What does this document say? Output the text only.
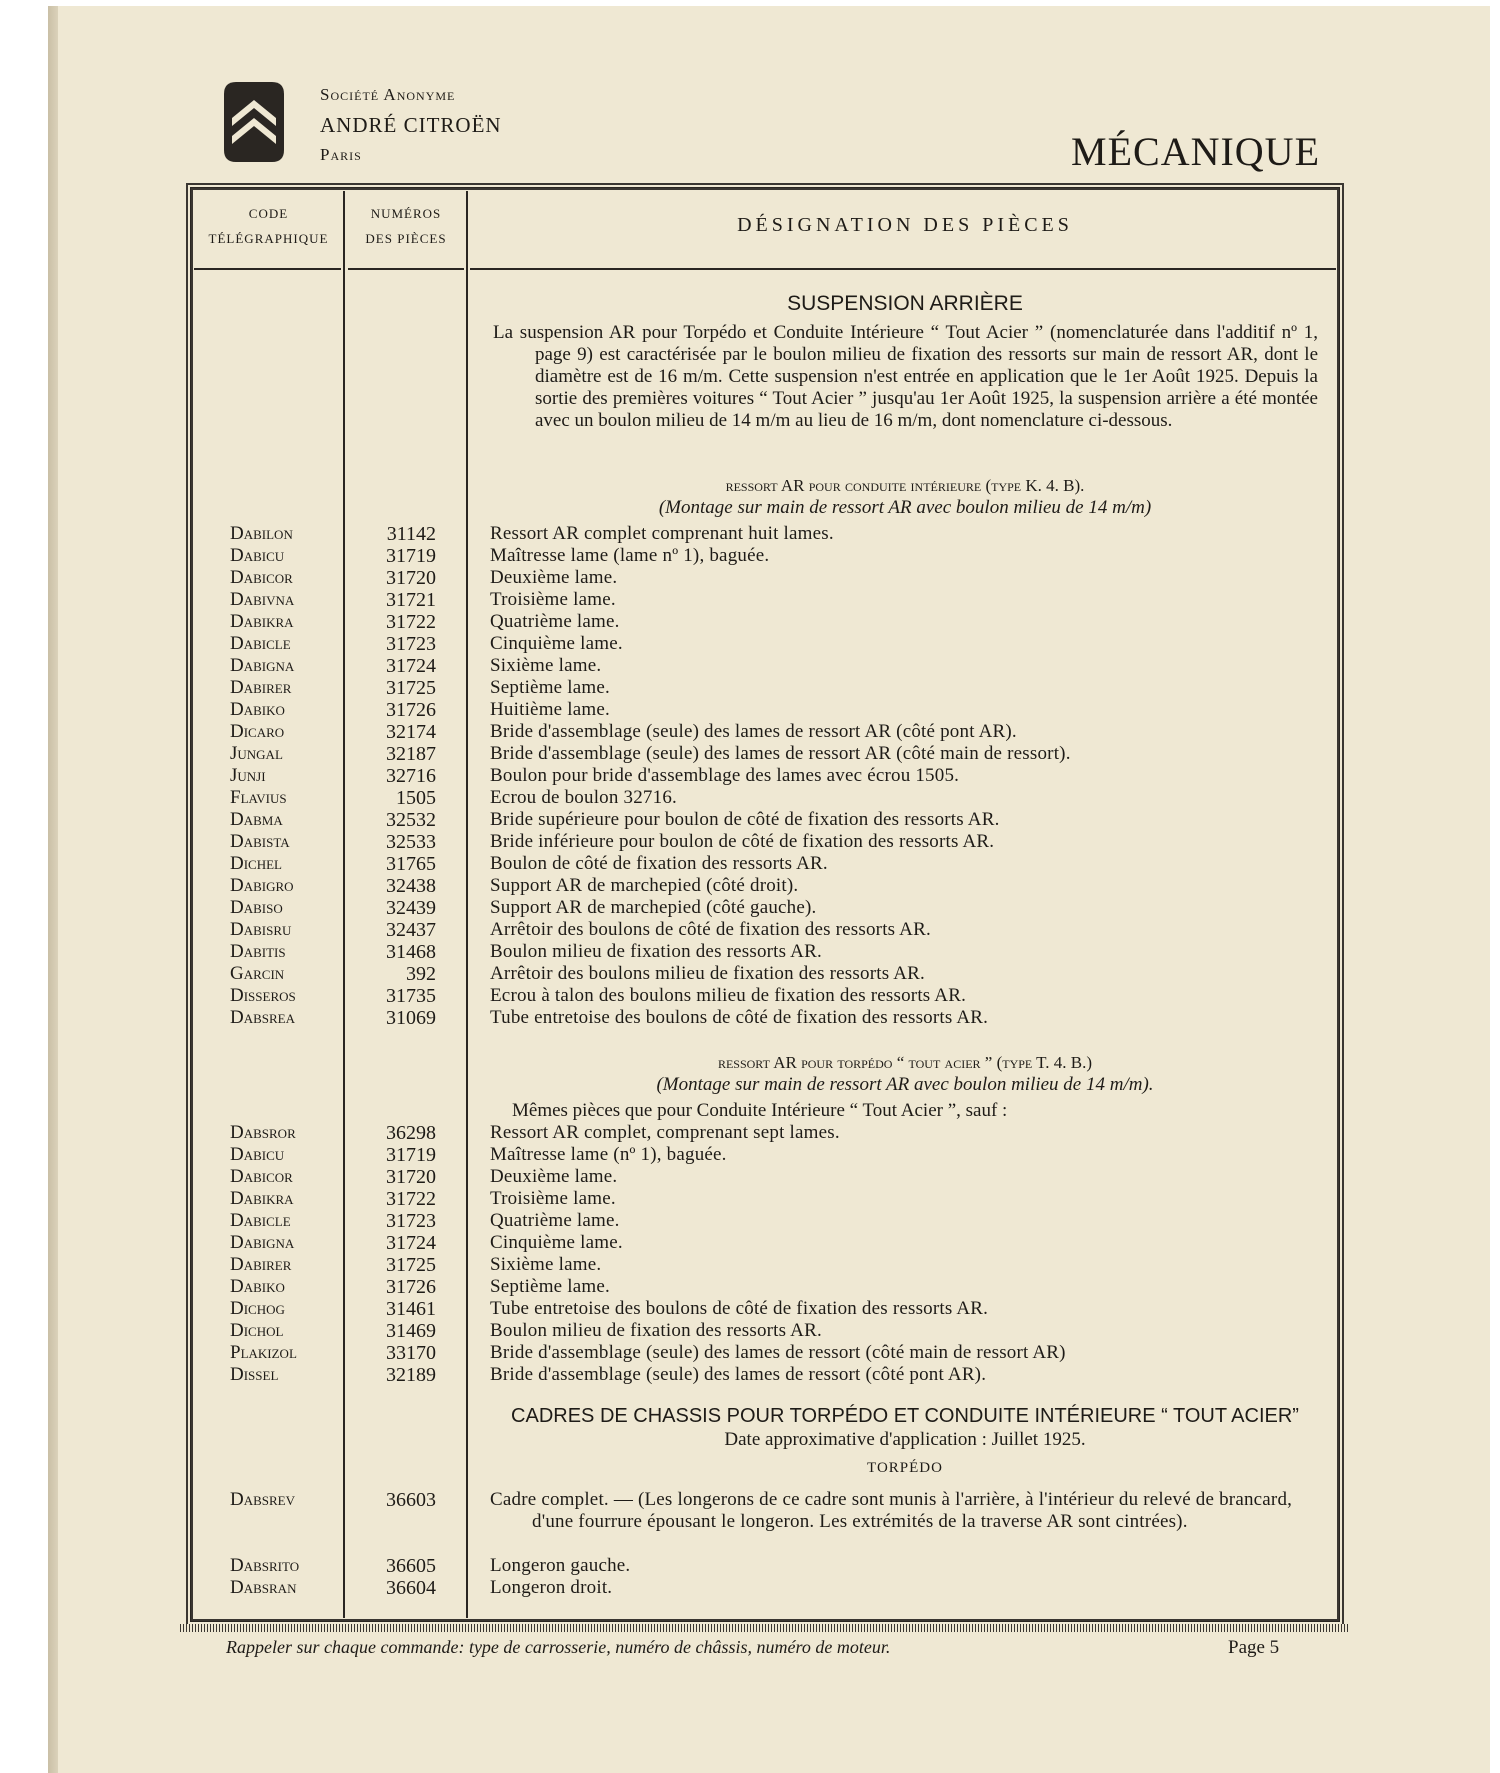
Société Anonyme
ANDRÉ CITROËN
Paris	MÉCANIQUE
CODE
TÉLÉGRAPHIQUE
NUMÉROS
DES PIÈCES
DÉSIGNATION DES PIÈCES
SUSPENSION ARRIÈRE
La suspension AR pour Torpédo et Conduite Intérieure “ Tout Acier ” (nomenclaturée dans l'additif nº 1, page 9) est caractérisée par le boulon milieu de fixation des ressorts sur main de ressort AR, dont le diamètre est de 16 m/m. Cette suspension n'est entrée en application que le 1er Août 1925. Depuis la sortie des premières voitures “ Tout Acier ” jusqu'au 1er Août 1925, la suspension arrière a été montée avec un boulon milieu de 14 m/m au lieu de 16 m/m, dont nomenclature ci-dessous.
ressort AR pour conduite intérieure (type K. 4. B).
(Montage sur main de ressort AR avec boulon milieu de 14 m/m)
Dabilon	31142	Ressort AR complet comprenant huit lames.
Dabicu	31719	Maîtresse lame (lame nº 1), baguée.
Dabicor	31720	Deuxième lame.
Dabivna	31721	Troisième lame.
Dabikra	31722	Quatrième lame.
Dabicle	31723	Cinquième lame.
Dabigna	31724	Sixième lame.
Dabirer	31725	Septième lame.
Dabiko	31726	Huitième lame.
Dicaro	32174	Bride d'assemblage (seule) des lames de ressort AR (côté pont AR).
Jungal	32187	Bride d'assemblage (seule) des lames de ressort AR (côté main de ressort).
Junji	32716	Boulon pour bride d'assemblage des lames avec écrou 1505.
Flavius	1505	Ecrou de boulon 32716.
Dabma	32532	Bride supérieure pour boulon de côté de fixation des ressorts AR.
Dabista	32533	Bride inférieure pour boulon de côté de fixation des ressorts AR.
Dichel	31765	Boulon de côté de fixation des ressorts AR.
Dabigro	32438	Support AR de marchepied (côté droit).
Dabiso	32439	Support AR de marchepied (côté gauche).
Dabisru	32437	Arrêtoir des boulons de côté de fixation des ressorts AR.
Dabitis	31468	Boulon milieu de fixation des ressorts AR.
Garcin	392	Arrêtoir des boulons milieu de fixation des ressorts AR.
Disseros	31735	Ecrou à talon des boulons milieu de fixation des ressorts AR.
Dabsrea	31069	Tube entretoise des boulons de côté de fixation des ressorts AR.
ressort AR pour torpédo “ tout acier ” (type T. 4. B.)
(Montage sur main de ressort AR avec boulon milieu de 14 m/m).
Mêmes pièces que pour Conduite Intérieure “ Tout Acier ”, sauf :
Dabsror	36298	Ressort AR complet, comprenant sept lames.
Dabicu	31719	Maîtresse lame (nº 1), baguée.
Dabicor	31720	Deuxième lame.
Dabikra	31722	Troisième lame.
Dabicle	31723	Quatrième lame.
Dabigna	31724	Cinquième lame.
Dabirer	31725	Sixième lame.
Dabiko	31726	Septième lame.
Dichog	31461	Tube entretoise des boulons de côté de fixation des ressorts AR.
Dichol	31469	Boulon milieu de fixation des ressorts AR.
Plakizol	33170	Bride d'assemblage (seule) des lames de ressort (côté main de ressort AR)
Dissel	32189	Bride d'assemblage (seule) des lames de ressort (côté pont AR).
CADRES DE CHASSIS POUR TORPÉDO ET CONDUITE INTÉRIEURE “ TOUT ACIER”
Date approximative d'application : Juillet 1925.
TORPÉDO
Dabsrev	36603	Cadre complet. — (Les longerons de ce cadre sont munis à l'arrière, à l'intérieur du relevé de brancard, d'une fourrure épousant le longeron. Les extrémités de la traverse AR sont cintrées).
Dabsrito	36605	Longeron gauche.
Dabsran	36604	Longeron droit.
Rappeler sur chaque commande: type de carrosserie, numéro de châssis, numéro de moteur.	Page 5
